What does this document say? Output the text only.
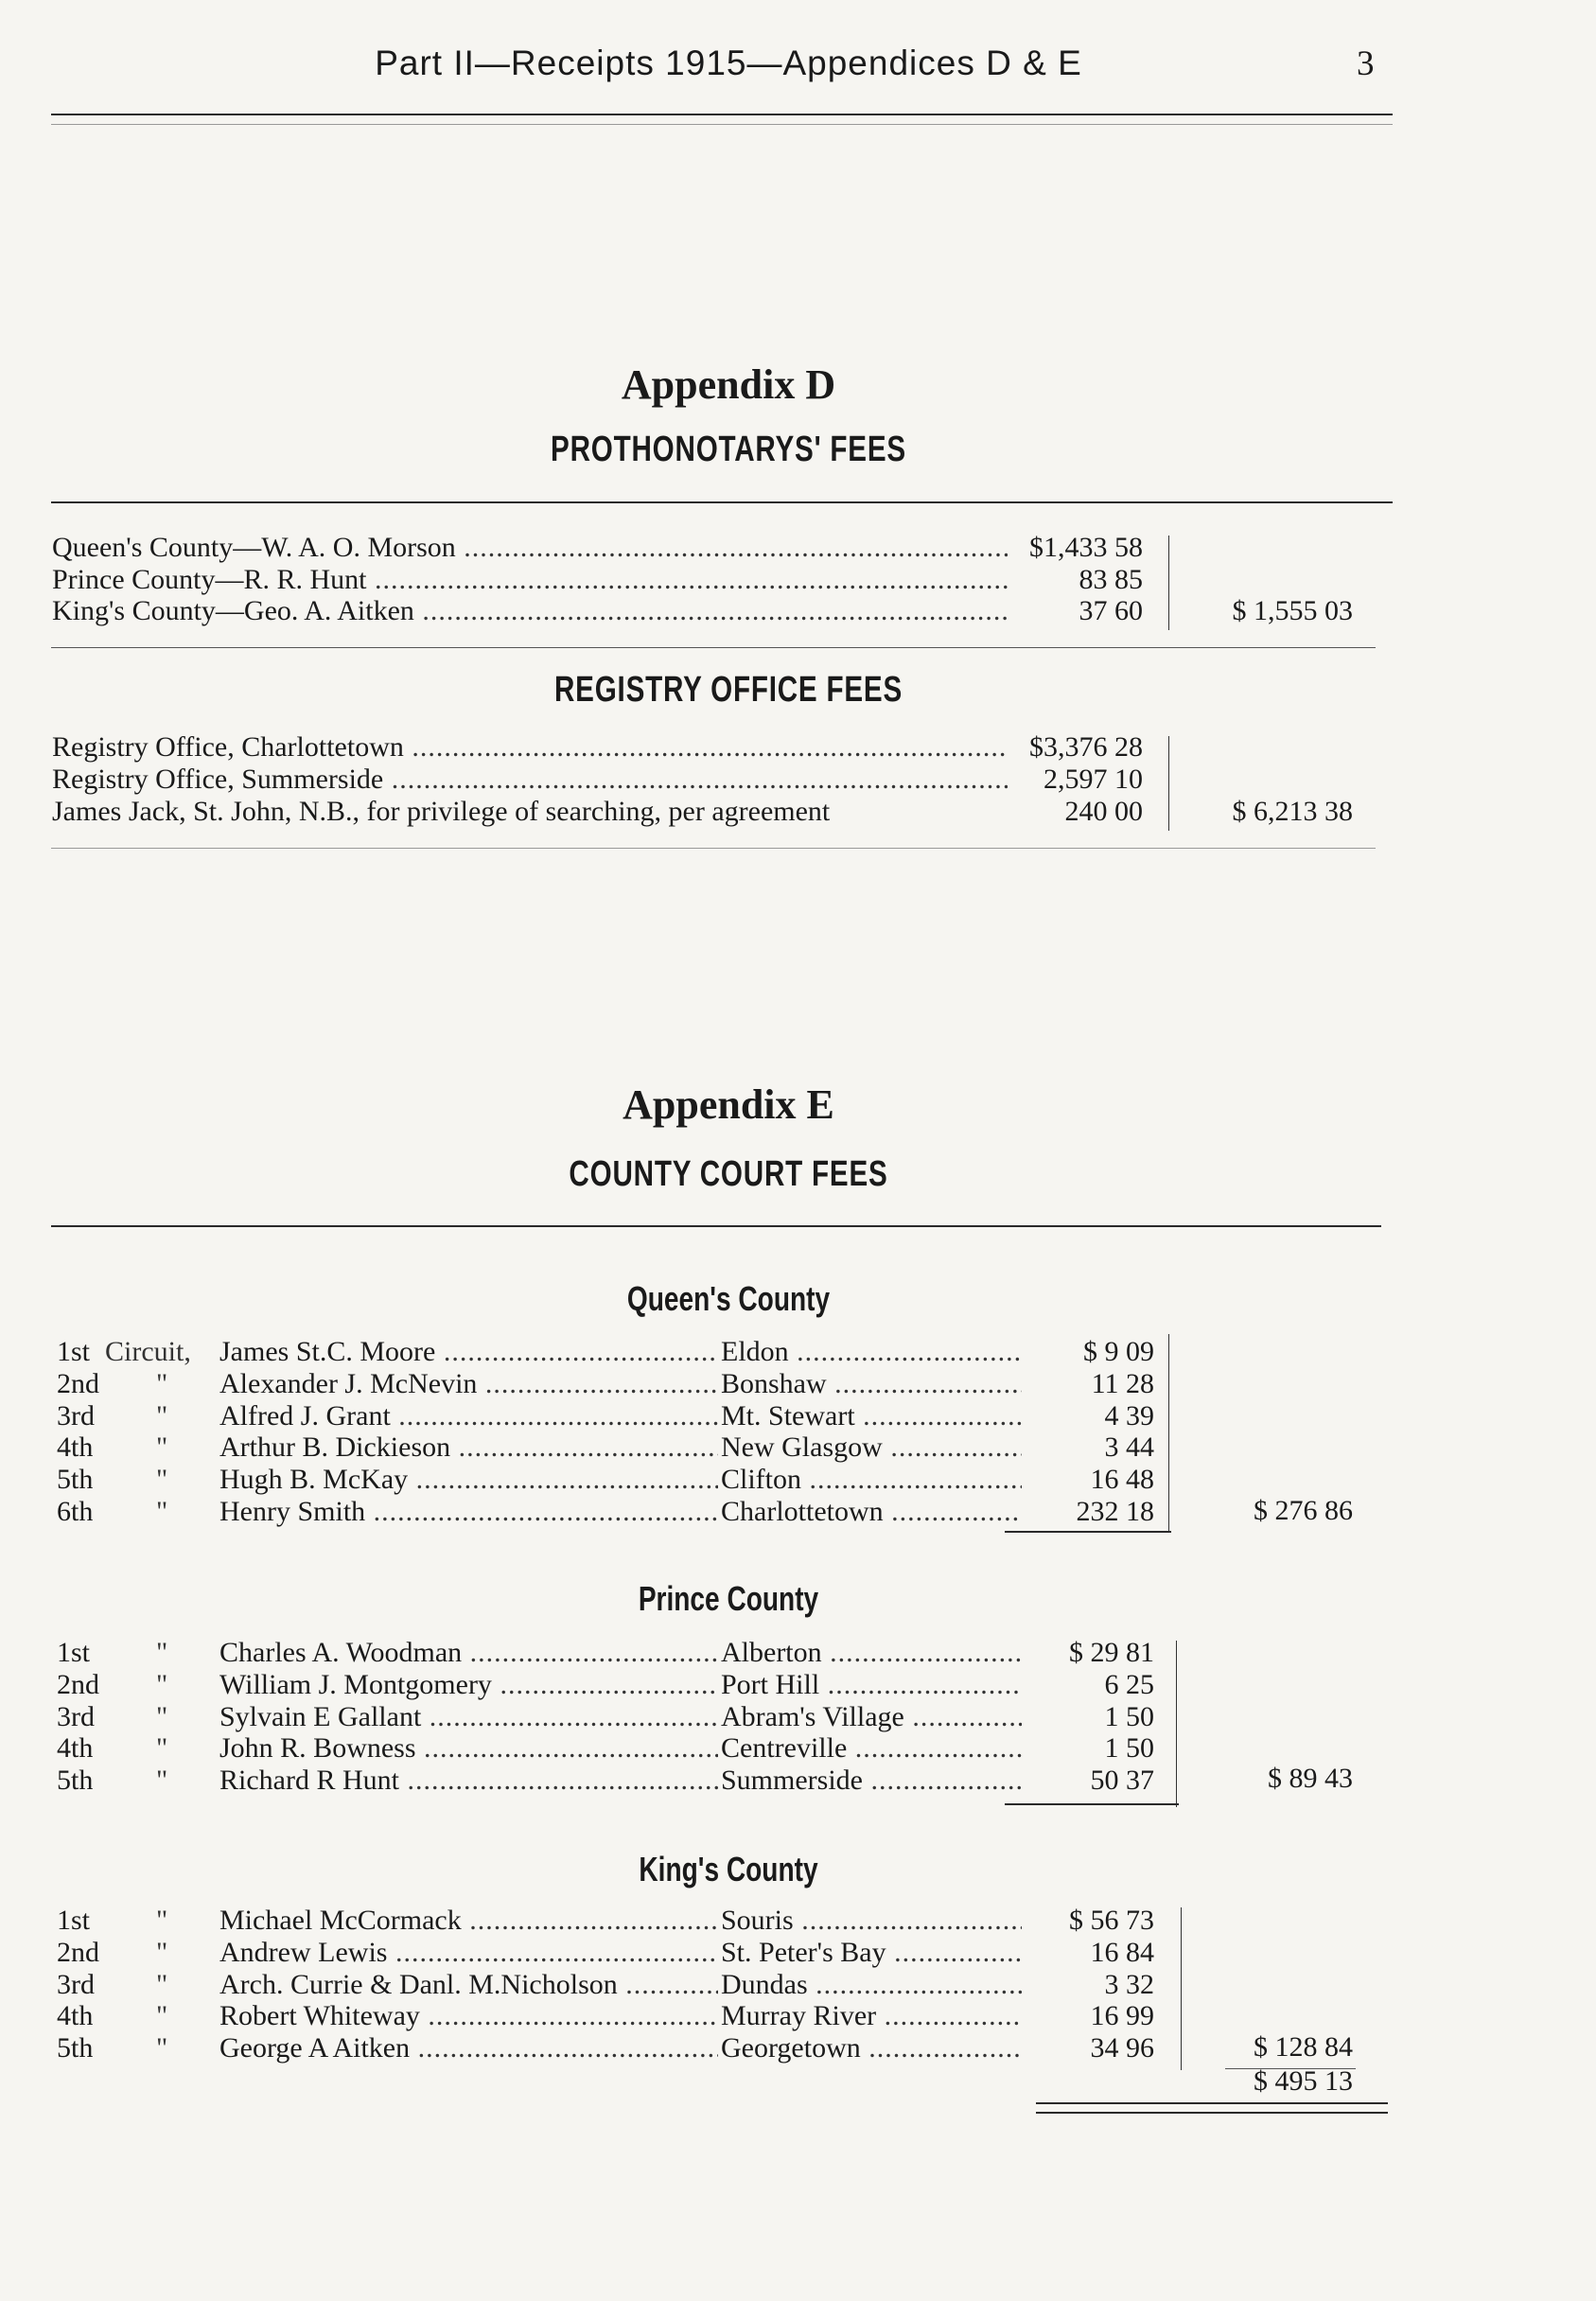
Part II—Receipts 1915—Appendices D & E	3
Appendix D
PROTHONOTARYS' FEES
Queen's County—W. A. O. Morson .....	$1,433 58
Prince County—R. R. Hunt .....	83 85
King's County—Geo. A. Aitken .....	37 60	$ 1,555 03
REGISTRY OFFICE FEES
Registry Office, Charlottetown .....	$3,376 28
Registry Office, Summerside .....	2,597 10
James Jack, St. John, N.B., for privilege of searching, per agreement	240 00	$ 6,213 38
Appendix E
COUNTY COURT FEES
Queen's County
1st Circuit, James St.C. Moore .....	Eldon .....	$ 9 09
2nd " Alexander J. McNevin .....	Bonshaw .....	11 28
3rd " Alfred J. Grant .....	Mt. Stewart .....	4 39
4th " Arthur B. Dickieson .....	New Glasgow .....	3 44
5th " Hugh B. McKay .....	Clifton .....	16 48
6th " Henry Smith .....	Charlottetown .....	232 18	$ 276 86
Prince County
1st " Charles A. Woodman .....	Alberton .....	$ 29 81
2nd " William J. Montgomery .....	Port Hill .....	6 25
3rd " Sylvain E Gallant .....	Abram's Village .....	1 50
4th " John R. Bowness .....	Centreville .....	1 50
5th " Richard R Hunt .....	Summerside .....	50 37	$ 89 43
King's County
1st " Michael McCormack .....	Souris .....	$ 56 73
2nd " Andrew Lewis .....	St. Peter's Bay .....	16 84
3rd " Arch. Currie & Danl. M.Nicholson .....	Dundas .....	3 32
4th " Robert Whiteway .....	Murray River .....	16 99
5th " George A Aitken .....	Georgetown .....	34 96	$ 128 84
$ 495 13
